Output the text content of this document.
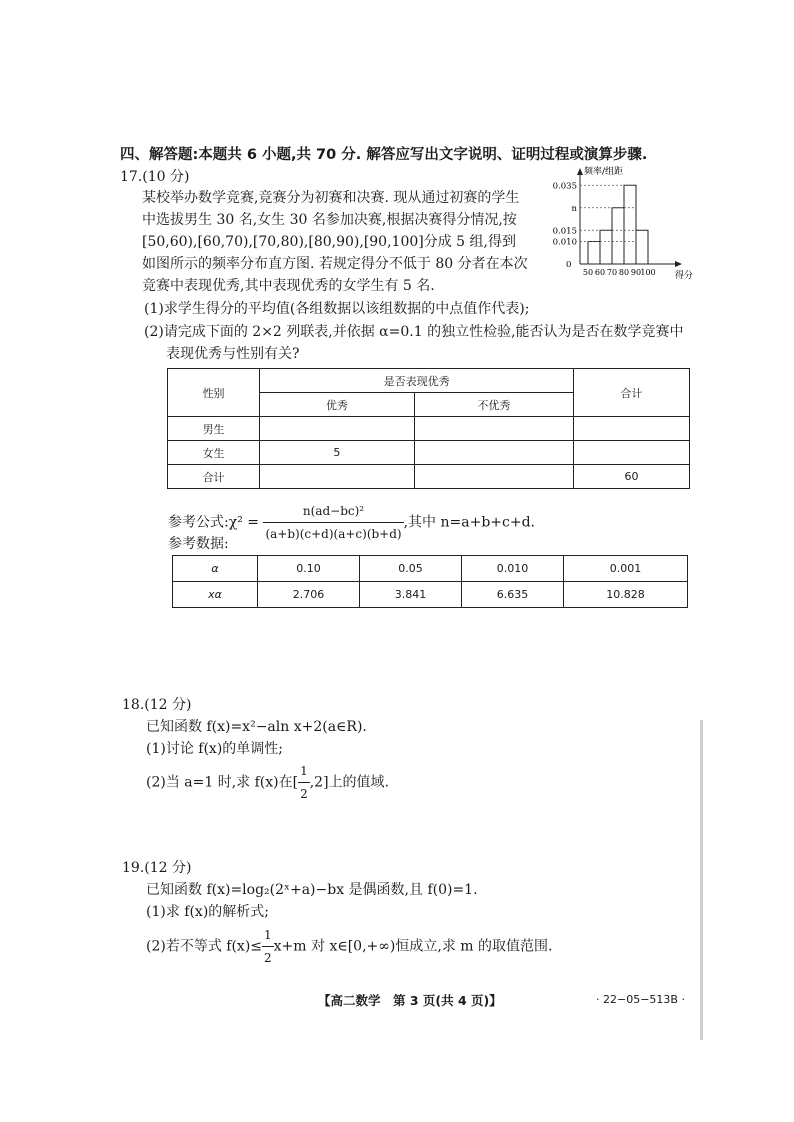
四、解答题:本题共 6 小题,共 70 分. 解答应写出文字说明、证明过程或演算步骤.
17.(10 分)
某校举办数学竞赛,竞赛分为初赛和决赛. 现从通过初赛的学生
中选拔男生 30 名,女生 30 名参加决赛,根据决赛得分情况,按
[50,60),[60,70),[70,80),[80,90),[90,100]分成 5 组,得到
如图所示的频率分布直方图. 若规定得分不低于 80 分者在本次
竞赛中表现优秀,其中表现优秀的女学生有 5 名.
频率/组距
得分
0.035
n
0.015
0.010
0
50 60 70 80 90 100
(1)求学生得分的平均值(各组数据以该组数据的中点值作代表);
(2)请完成下面的 2×2 列联表,并依据 α=0.1 的独立性检验,能否认为是否在数学竞赛中
表现优秀与性别有关?
性别	是否表现优秀		合计
	优秀	不优秀	
男生			
女生	5		
合计			60
参考公式:χ² = $\frac{\text{n(ad−bc)²}}{(a+b)(c+d)(a+c)(b+d)}$ ,其中 n=a+b+c+d.
参考数据:
α	0.10	0.05	0.010	0.001
xα	2.706	3.841	6.635	10.828
18.(12 分)
已知函数 f(x)=x²−aln x+2(a∈R).
(1)讨论 f(x)的单调性;
(2)当 a=1 时,求 f(x)在[ $\frac{1}{2} ,2$]上的值域.
19.(12 分)
已知函数 f(x)=log₂(2ˣ+a)−bx 是偶函数,且 f(0)=1.
(1)求 f(x)的解析式;
(2)若不等式 $f(x)\le \frac{1}{2} x+m$ 对 x∈[0,+∞)恒成立,求 m 的取值范围.
【高二数学　第 3 页(共 4 页)】	· 22−05−513B ·
